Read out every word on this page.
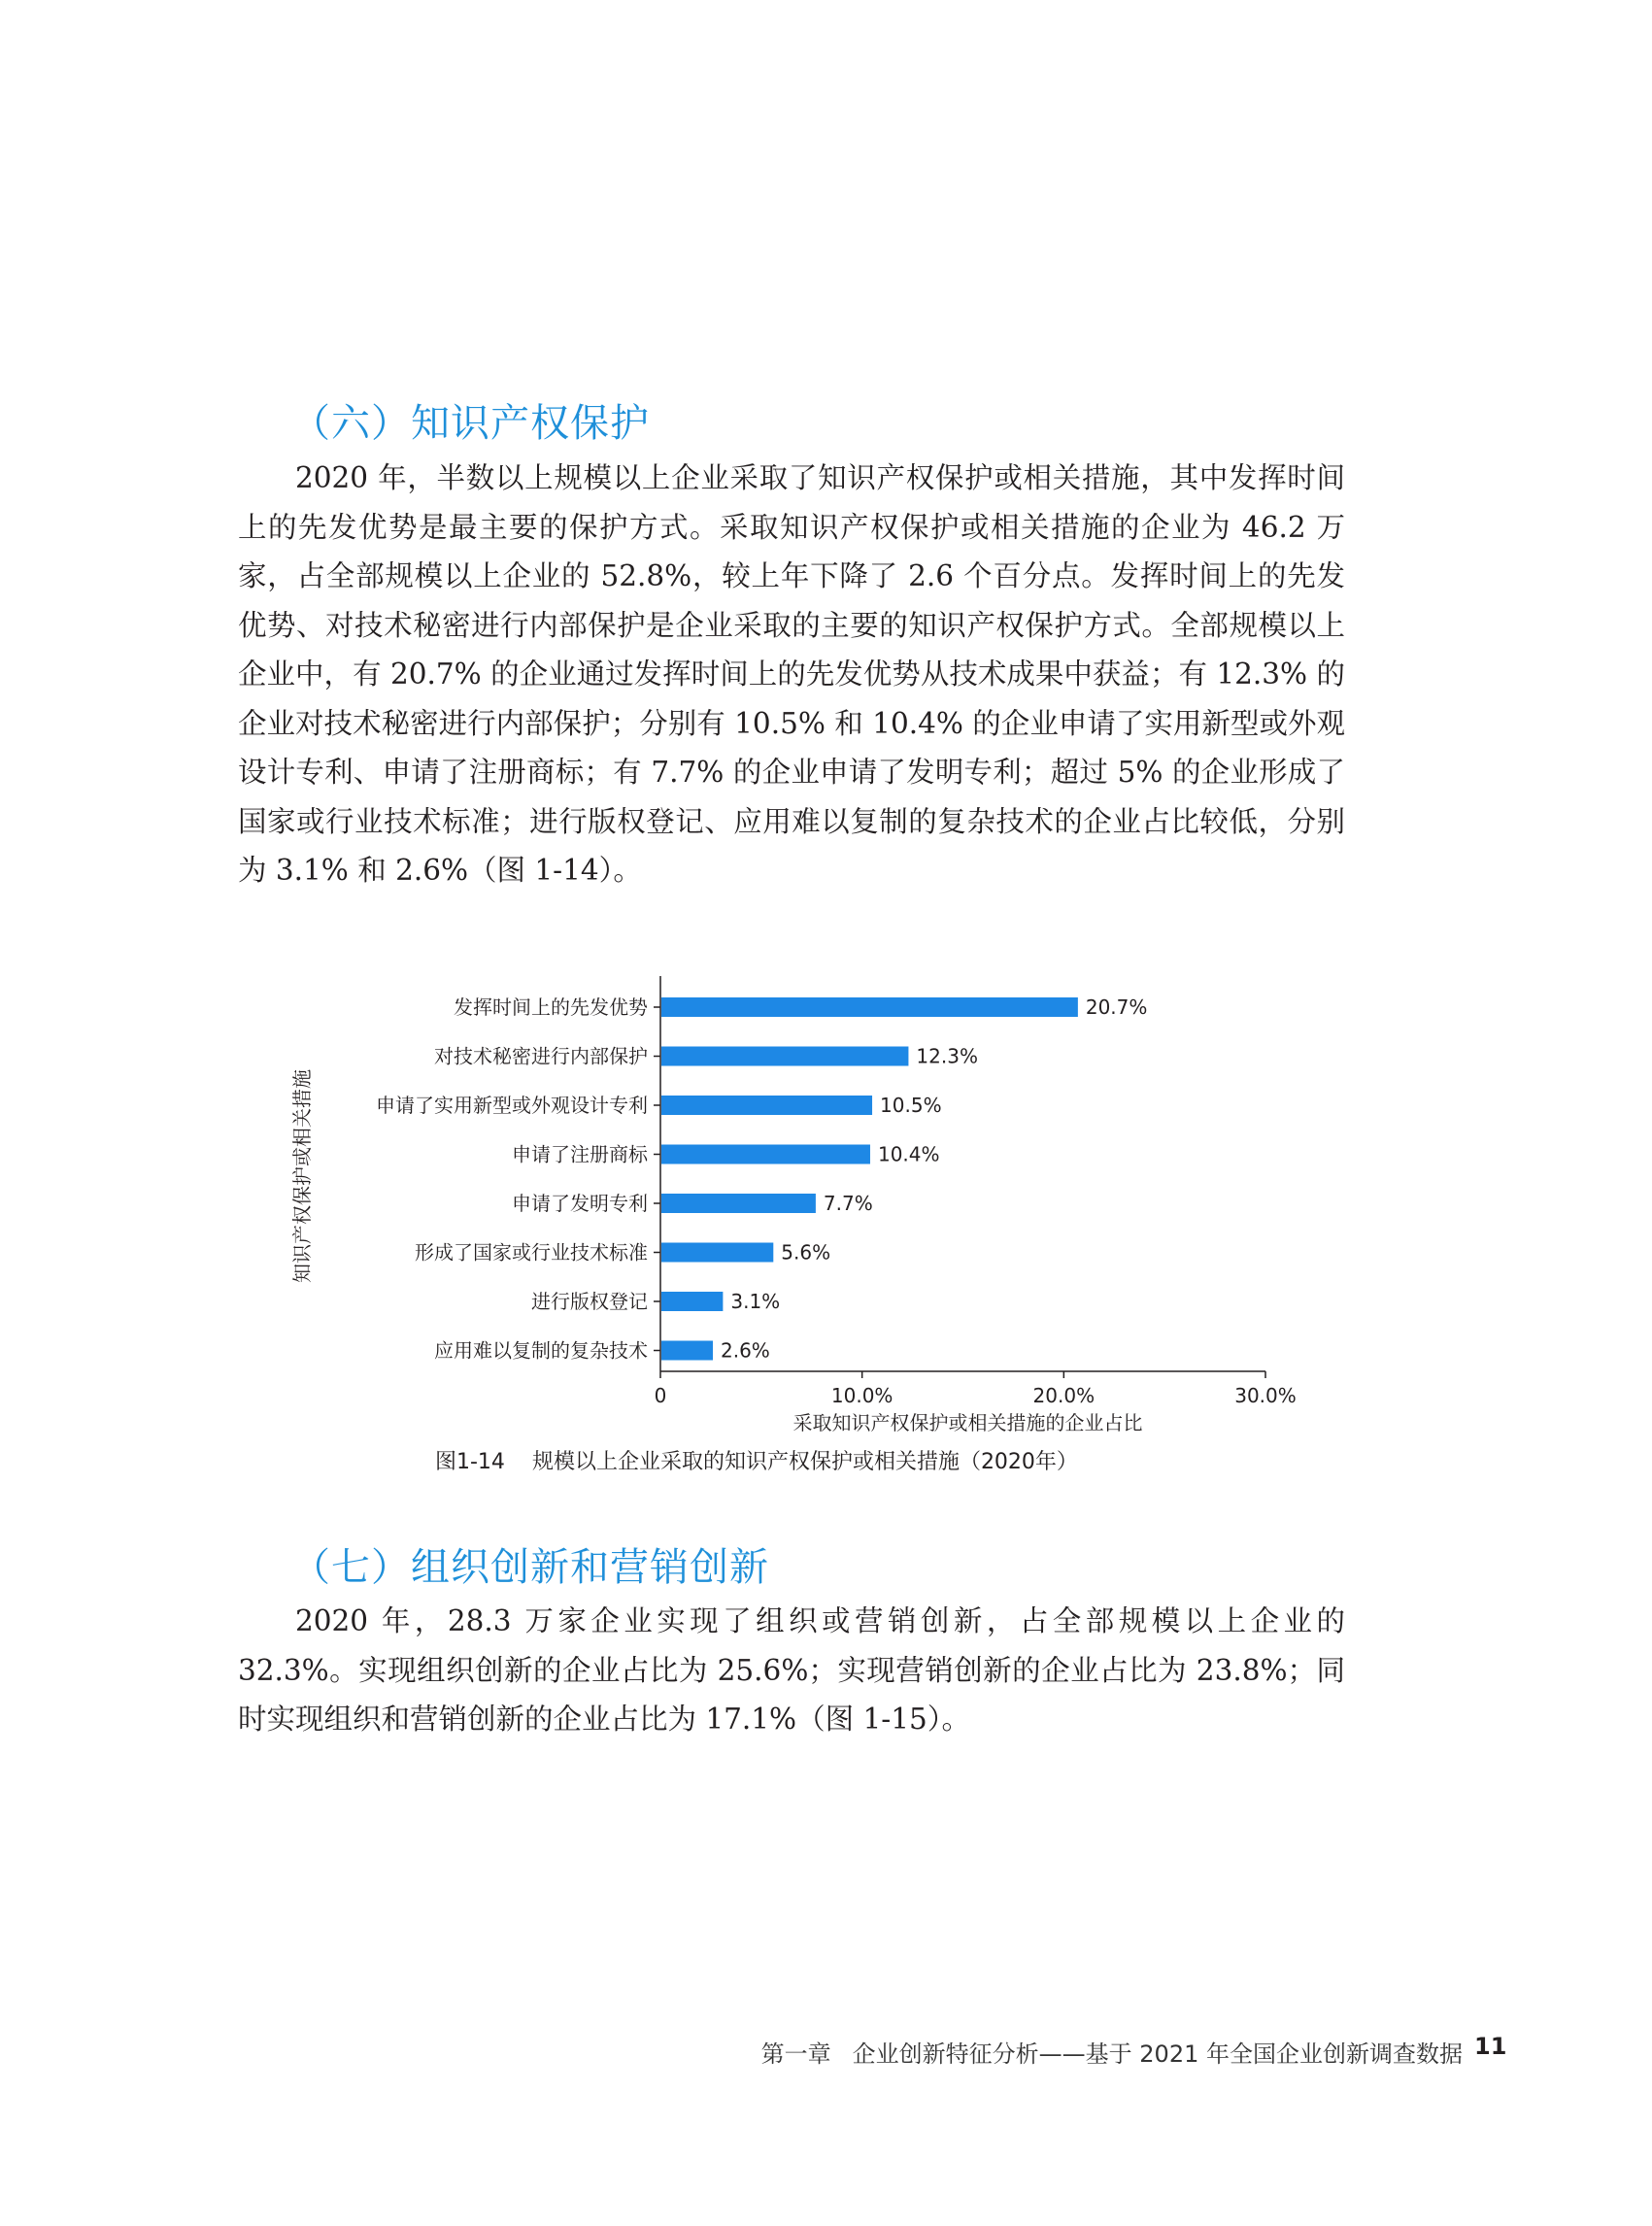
（六）知识产权保护

2020 年，半数以上规模以上企业采取了知识产权保护或相关措施，其中发挥时间上的先发优势是最主要的保护方式。采取知识产权保护或相关措施的企业为 46.2 万家，占全部规模以上企业的 52.8%，较上年下降了 2.6 个百分点。发挥时间上的先发优势、对技术秘密进行内部保护是企业采取的主要的知识产权保护方式。全部规模以上企业中，有 20.7% 的企业通过发挥时间上的先发优势从技术成果中获益；有 12.3% 的企业对技术秘密进行内部保护；分别有 10.5% 和 10.4% 的企业申请了实用新型或外观设计专利、申请了注册商标；有 7.7% 的企业申请了发明专利；超过 5% 的企业形成了国家或行业技术标准；进行版权登记、应用难以复制的复杂技术的企业占比较低，分别为 3.1% 和 2.6%（图 1-14）。

发挥时间上的先发优势	20.7%
对技术秘密进行内部保护	12.3%
申请了实用新型或外观设计专利	10.5%
申请了注册商标	10.4%
申请了发明专利	7.7%
形成了国家或行业技术标准	5.6%
进行版权登记	3.1%
应用难以复制的复杂技术	2.6%
0	10.0%	20.0%	30.0%
采取知识产权保护或相关措施的企业占比
知识产权保护或相关措施
图1-14 规模以上企业采取的知识产权保护或相关措施（2020年）
（七）组织创新和营销创新

2020 年，28.3 万家企业实现了组织或营销创新，占全部规模以上企业的 32.3%。实现组织创新的企业占比为 25.6%；实现营销创新的企业占比为 23.8%；同时实现组织和营销创新的企业占比为 17.1%（图 1-15）。

第一章 企业创新特征分析——基于 2021 年全国企业创新调查数据 11
